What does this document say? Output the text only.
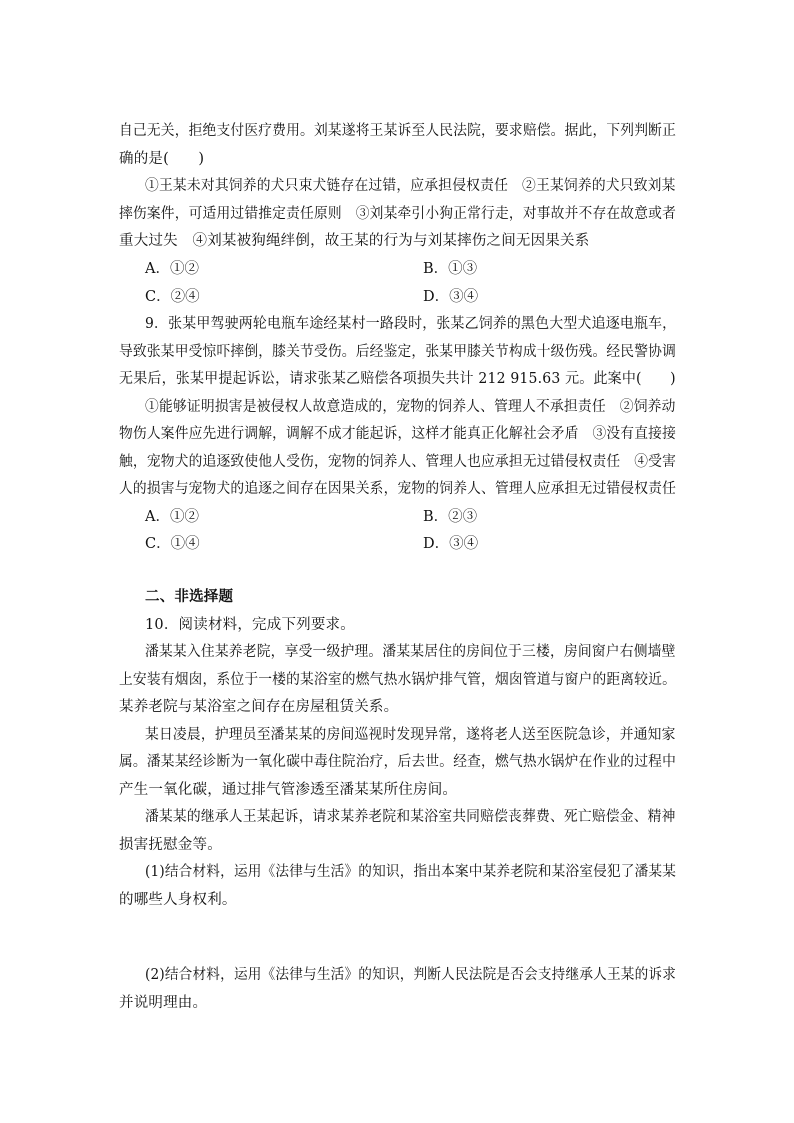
自己无关，拒绝支付医疗费用。刘某遂将王某诉至人民法院，要求赔偿。据此，下列判断正
确的是(　　)
①王某未对其饲养的犬只束犬链存在过错，应承担侵权责任　②王某饲养的犬只致刘某
摔伤案件，可适用过错推定责任原则　③刘某牵引小狗正常行走，对事故并不存在故意或者
重大过失　④刘某被狗绳绊倒，故王某的行为与刘某摔伤之间无因果关系
A．①②	B．①③
C．②④	D．③④
9．张某甲驾驶两轮电瓶车途经某村一路段时，张某乙饲养的黑色大型犬追逐电瓶车，
导致张某甲受惊吓摔倒，膝关节受伤。后经鉴定，张某甲膝关节构成十级伤残。经民警协调
无果后，张某甲提起诉讼，请求张某乙赔偿各项损失共计 212 915.63 元。此案中(　　)
①能够证明损害是被侵权人故意造成的，宠物的饲养人、管理人不承担责任　②饲养动
物伤人案件应先进行调解，调解不成才能起诉，这样才能真正化解社会矛盾　③没有直接接
触，宠物犬的追逐致使他人受伤，宠物的饲养人、管理人也应承担无过错侵权责任　④受害
人的损害与宠物犬的追逐之间存在因果关系，宠物的饲养人、管理人应承担无过错侵权责任
A．①②	B．②③
C．①④	D．③④
二、非选择题
10．阅读材料，完成下列要求。
潘某某入住某养老院，享受一级护理。潘某某居住的房间位于三楼，房间窗户右侧墙壁
上安装有烟囱，系位于一楼的某浴室的燃气热水锅炉排气管，烟囱管道与窗户的距离较近。
某养老院与某浴室之间存在房屋租赁关系。
某日凌晨，护理员至潘某某的房间巡视时发现异常，遂将老人送至医院急诊，并通知家
属。潘某某经诊断为一氧化碳中毒住院治疗，后去世。经查，燃气热水锅炉在作业的过程中
产生一氧化碳，通过排气管渗透至潘某某所住房间。
潘某某的继承人王某起诉，请求某养老院和某浴室共同赔偿丧葬费、死亡赔偿金、精神
损害抚慰金等。
(1)结合材料，运用《法律与生活》的知识，指出本案中某养老院和某浴室侵犯了潘某某
的哪些人身权利。
(2)结合材料，运用《法律与生活》的知识，判断人民法院是否会支持继承人王某的诉求
并说明理由。
